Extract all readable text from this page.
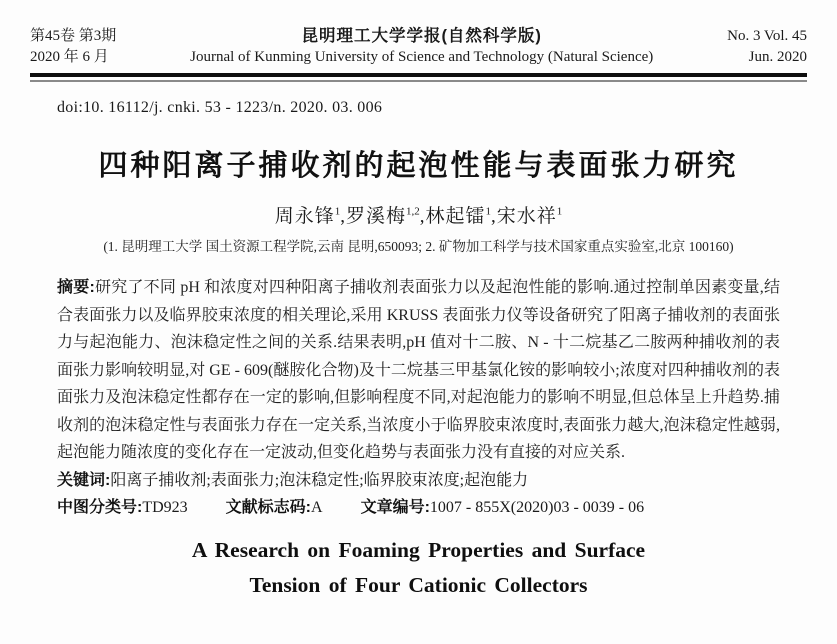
第45卷 第3期
2020 年 6 月
昆明理工大学学报(自然科学版)
Journal of Kunming University of Science and Technology (Natural Science)
No. 3 Vol. 45
Jun. 2020
doi:10. 16112/j. cnki. 53 - 1223/n. 2020. 03. 006
四种阳离子捕收剂的起泡性能与表面张力研究
周永锋$^1$,罗溪梅$^{1,2}$,林起镭$^1$,宋水祥$^1$
(1. 昆明理工大学 国土资源工程学院,云南 昆明,650093; 2. 矿物加工科学与技术国家重点实验室,北京 100160)
摘要:研究了不同 pH 和浓度对四种阳离子捕收剂表面张力以及起泡性能的影响.通过控制单因素变量,结合表面张力以及临界胶束浓度的相关理论,采用 KRUSS 表面张力仪等设备研究了阳离子捕收剂的表面张力与起泡能力、泡沫稳定性之间的关系.结果表明,pH 值对十二胺、N - 十二烷基乙二胺两种捕收剂的表面张力影响较明显,对 GE - 609(醚胺化合物)及十二烷基三甲基氯化铵的影响较小;浓度对四种捕收剂的表面张力及泡沫稳定性都存在一定的影响,但影响程度不同,对起泡能力的影响不明显,但总体呈上升趋势.捕收剂的泡沫稳定性与表面张力存在一定关系,当浓度小于临界胶束浓度时,表面张力越大,泡沫稳定性越弱,起泡能力随浓度的变化存在一定波动,但变化趋势与表面张力没有直接的对应关系.
关键词:阳离子捕收剂;表面张力;泡沫稳定性;临界胶束浓度;起泡能力
中图分类号:TD923 文献标志码:A 文章编号:1007 - 855X(2020)03 - 0039 - 06
A Research on Foaming Properties and Surface
Tension of Four Cationic Collectors
